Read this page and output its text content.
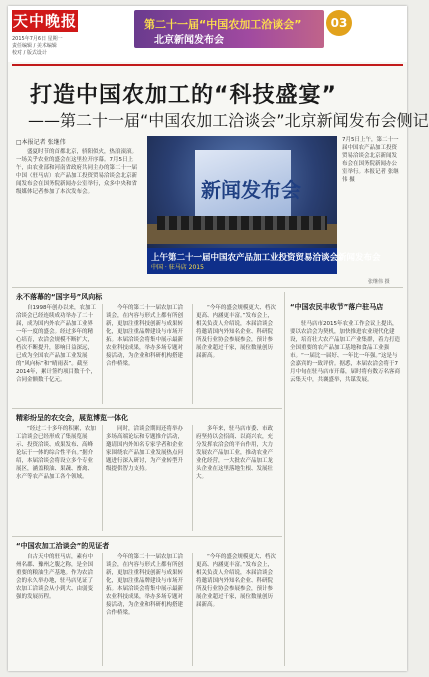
天中晚报
2015年7月6日 星期一
责任编辑 / 美术编辑
校对 / 版式设计
第二十一届“中国农加工洽谈会”
北京新闻发布会
03
打造中国农加工的“科技盛宴”
——第二十一届“中国农加工洽谈会”北京新闻发布会侧记
□本报记者 张继伟
盛夏时节的首都北京，骄阳似火，热浪滚滚。一场关乎农业的盛会在这里拉开序幕。7月5日上午，由农业部和河南省政府共同主办的第二十一届中国（驻马店）农产品加工投资贸易洽谈会北京新闻发布会在国务院新闻办公室举行，众多中央和省级媒体记者参加了本次发布会。	新闻发布会
上午第二十一届中国农产品加工业投资贸易洽谈会新闻发布会
中国 · 驻马店 2015
7月5日上午，第二十一届中国农产品加工投资贸易洽谈会北京新闻发布会在国务院新闻办公室举行。本报记者 张继伟 摄
张继伟 摄
永不落幕的“国字号”风向标
自1998年创办以来，农加工洽谈会已经连续成功举办了二十届，成为国内外农产品加工业界一年一度的盛会。经过多年的精心培育，农洽会规模不断扩大，档次不断提升，影响日益深远，已成为全国农产品加工业发展的“风向标”和“晴雨表”。截至2014年，累计签约项目数千个，合同金额数千亿元。
今年的第二十一届农加工洽谈会，在内容与形式上都有所创新，更加注重科技创新与成果转化，更加注重品牌建设与市场开拓。本届洽谈会将集中展示最新农业科技成果，举办多场专题对接活动，为企业和科研机构搭建合作桥梁。
“今年的盛会规模更大、档次更高、内涵更丰富。”发布会上，相关负责人介绍说，本届洽谈会将邀请国内外知名企业、科研院所及行业协会参展参会，预计参展企业超过千家，展位数量创历届新高。
“中国农民丰收节”落户驻马店
驻马店市2015年农业工作会议上提出，要以农洽会为契机，加快推进农业现代化建设，培育壮大农产品加工产业集群，着力打造全国重要的农产品加工基地和食品工业强市。“一届比一届好、一年比一年强。”这是与会嘉宾的一致评价。据悉，本届农洽会将于7月中旬在驻马店市开幕，届时将有数万名客商云集天中，共襄盛举，共谋发展。
精彩纷呈的农交会，展览博览一体化
“经过二十多年的积累，农加工洽谈会已经形成了集展览展示、投资洽谈、成果发布、高峰论坛于一体的综合性平台。”据介绍，本届洽谈会将设立多个专业展区，涵盖粮油、果蔬、畜禽、水产等农产品加工各个领域。
同时，洽谈会期间还将举办多场高端论坛和专题推介活动，邀请国内外知名专家学者和企业家围绕农产品加工业发展热点问题进行深入研讨，为产业转型升级提供智力支持。
多年来，驻马店市委、市政府坚持以会招商、以商兴农，充分发挥农洽会的平台作用，大力发展农产品加工业，推动农业产业化经营，一大批农产品加工龙头企业在这里落地生根、发展壮大。
“中国农加工洽谈会”的见证者
自古天中的驻马店，素有中州名郡、豫州之腹之称，是全国重要的粮油生产基地。作为农洽会的永久举办地，驻马店见证了农加工洽谈会从小到大、由弱变强的发展历程。
今年的第二十一届农加工洽谈会，在内容与形式上都有所创新，更加注重科技创新与成果转化，更加注重品牌建设与市场开拓。本届洽谈会将集中展示最新农业科技成果，举办多场专题对接活动，为企业和科研机构搭建合作桥梁。
“今年的盛会规模更大、档次更高、内涵更丰富。”发布会上，相关负责人介绍说，本届洽谈会将邀请国内外知名企业、科研院所及行业协会参展参会，预计参展企业超过千家，展位数量创历届新高。
